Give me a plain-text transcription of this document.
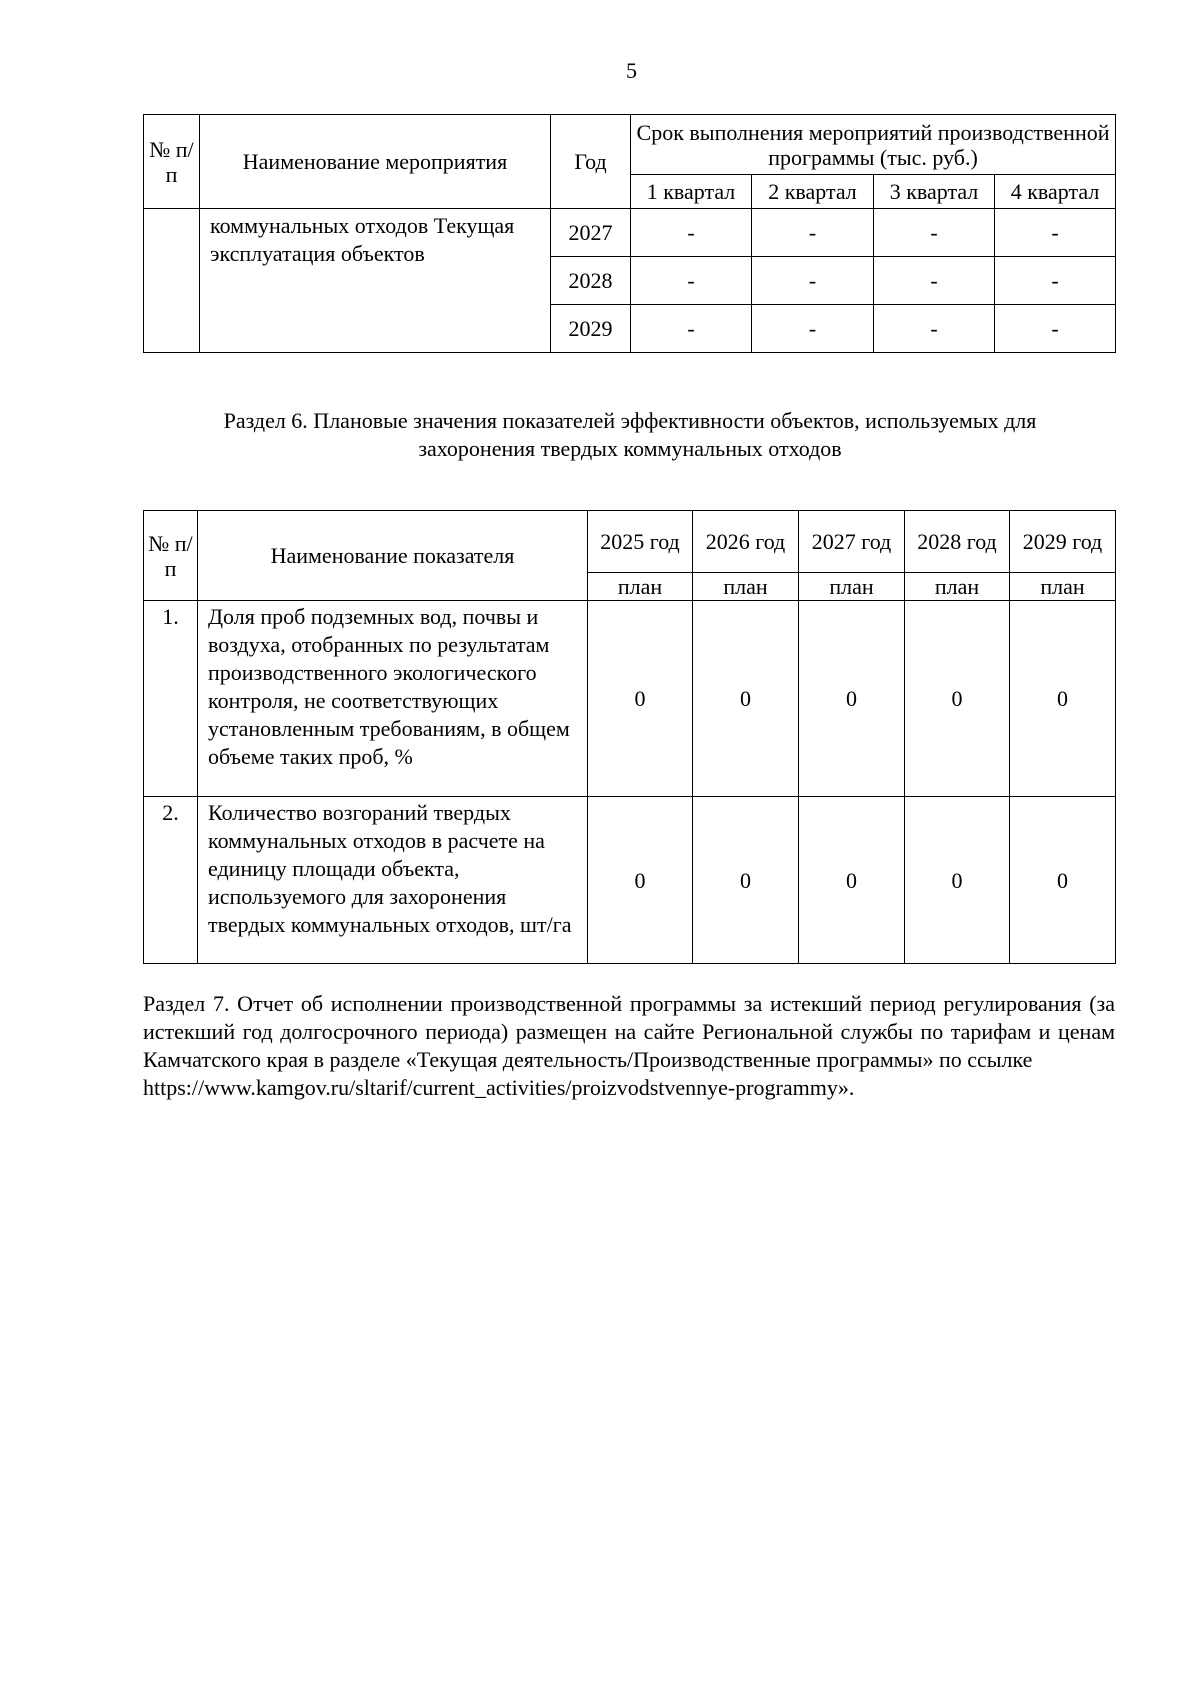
5
№ п/п	Наименование мероприятия	Год	Срок выполнения мероприятий производственной программы (тыс. руб.)			
			1 квартал	2 квартал	3 квартал	4 квартал
	коммунальных отходов Текущая эксплуатация объектов	2027	-	-	-	-
		2028	-	-	-	-
		2029	-	-	-	-
Раздел 6. Плановые значения показателей эффективности объектов, используемых для
захоронения твердых коммунальных отходов
№ п/п	Наименование показателя	2025 год	2026 год	2027 год	2028 год	2029 год
		план	план	план	план	план
1.	Доля проб подземных вод, почвы и воздуха, отобранных по результатам производственного экологического контроля, не соответствующих установленным требованиям, в общем объеме таких проб, %	0	0	0	0	0
2.	Количество возгораний твердых коммунальных отходов в расчете на единицу площади объекта, используемого для захоронения твердых коммунальных отходов, шт/га	0	0	0	0	0
Раздел 7. Отчет об исполнении производственной программы за истекший период регулирования (за истекший год долгосрочного периода) размещен на сайте Региональной службы по тарифам и ценам Камчатского края в разделе «Текущая деятельность/Производственные программы» по ссылке
https://www.kamgov.ru/sltarif/current_activities/proizvodstvennye-programmy».
